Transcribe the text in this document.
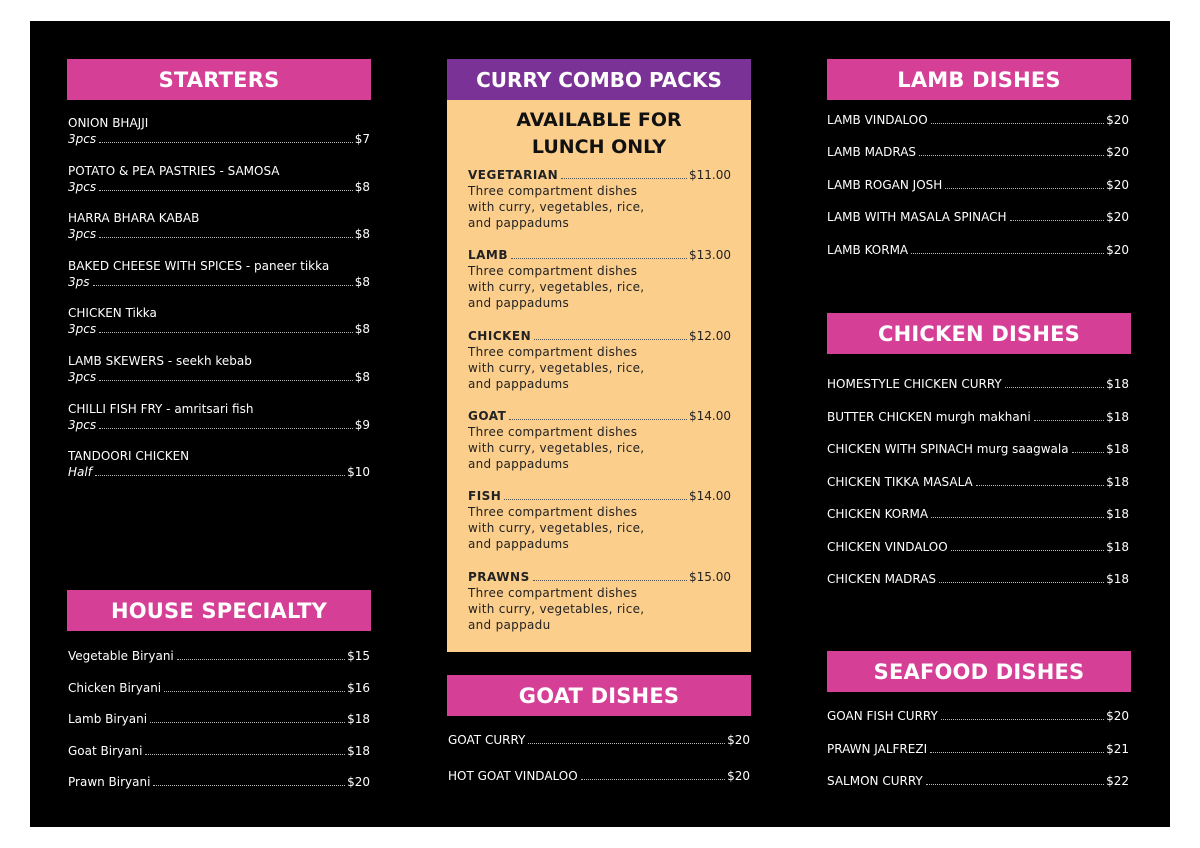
STARTERS
ONION BHAJJI
3pcs	$7
POTATO & PEA PASTRIES - SAMOSA
3pcs	$8
HARRA BHARA KABAB
3pcs	$8
BAKED CHEESE WITH SPICES - paneer tikka
3ps	$8
CHICKEN Tikka
3pcs	$8
LAMB SKEWERS - seekh kebab
3pcs	$8
CHILLI FISH FRY - amritsari fish
3pcs	$9
TANDOORI CHICKEN
Half	$10
HOUSE SPECIALTY
Vegetable Biryani	$15
Chicken Biryani	$16
Lamb Biryani	$18
Goat Biryani	$18
Prawn Biryani	$20
CURRY COMBO PACKS
AVAILABLE FOR
LUNCH ONLY
VEGETARIAN	$11.00
Three compartment dishes
with curry, vegetables, rice,
and pappadums
LAMB	$13.00
Three compartment dishes
with curry, vegetables, rice,
and pappadums
CHICKEN	$12.00
Three compartment dishes
with curry, vegetables, rice,
and pappadums
GOAT	$14.00
Three compartment dishes
with curry, vegetables, rice,
and pappadums
FISH	$14.00
Three compartment dishes
with curry, vegetables, rice,
and pappadums
PRAWNS	$15.00
Three compartment dishes
with curry, vegetables, rice,
and pappadu
GOAT DISHES
GOAT CURRY	$20
HOT GOAT VINDALOO	$20
LAMB DISHES
LAMB VINDALOO	$20
LAMB MADRAS	$20
LAMB ROGAN JOSH	$20
LAMB WITH MASALA SPINACH	$20
LAMB KORMA	$20
CHICKEN DISHES
HOMESTYLE CHICKEN CURRY	$18
BUTTER CHICKEN murgh makhani	$18
CHICKEN WITH SPINACH murg saagwala	$18
CHICKEN TIKKA MASALA	$18
CHICKEN KORMA	$18
CHICKEN VINDALOO	$18
CHICKEN MADRAS	$18
SEAFOOD DISHES
GOAN FISH CURRY	$20
PRAWN JALFREZI	$21
SALMON CURRY	$22
